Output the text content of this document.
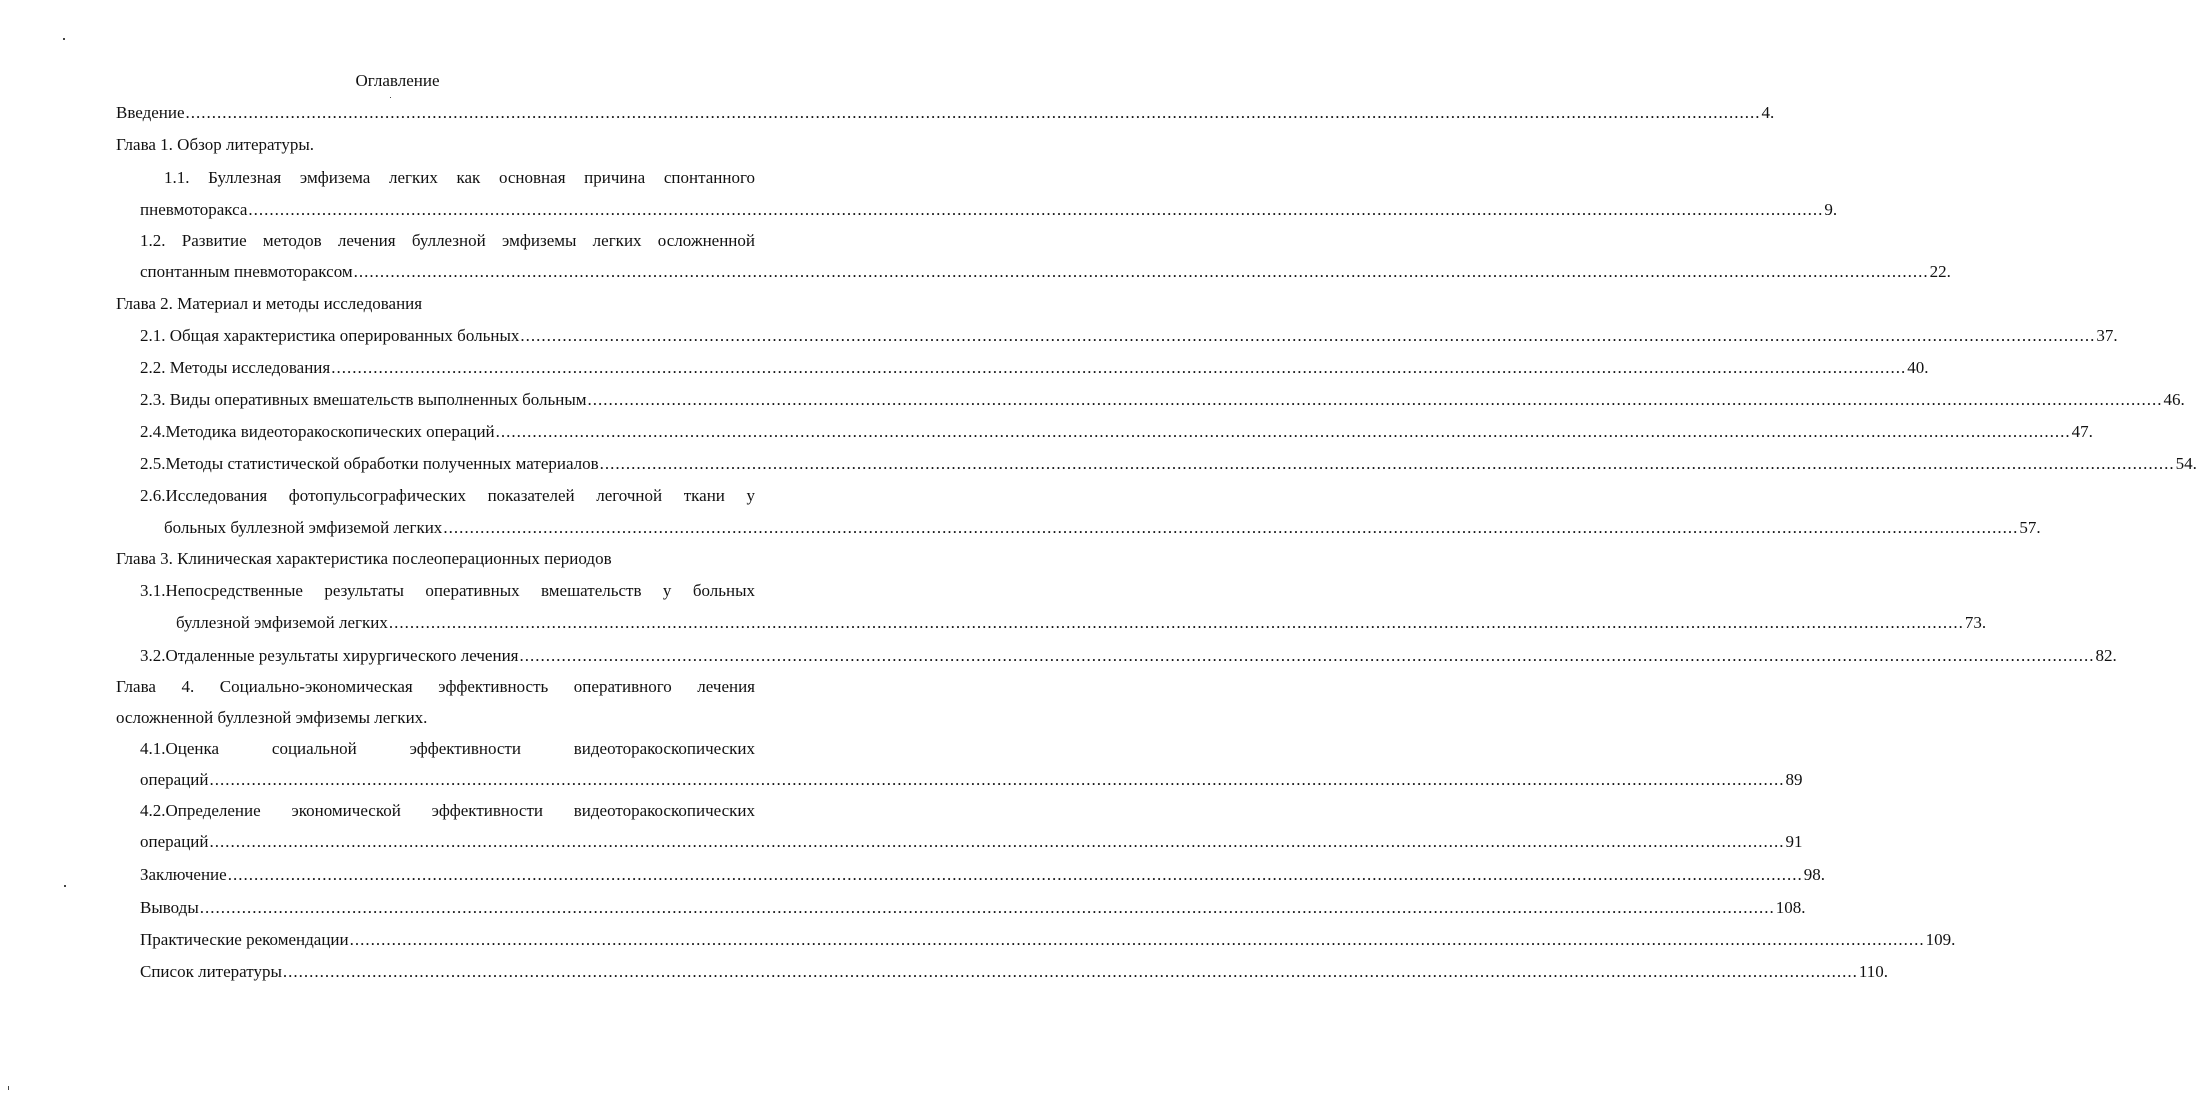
Оглавление
Введение ............................................................................................................................................................................................................................................................................................................ 4.
Глава 1. Обзор литературы.
1.1. Буллезная эмфизема легких как основная причина спонтанного
пневмоторакса ............................................................................................................................................................................................................................................................................................................ 9.
1.2. Развитие методов лечения буллезной эмфиземы легких осложненной
спонтанным пневмотораксом ............................................................................................................................................................................................................................................................................................................ 22.
Глава 2. Материал и методы исследования
2.1. Общая характеристика оперированных больных ............................................................................................................................................................................................................................................................................................................ 37.
2.2. Методы исследования ............................................................................................................................................................................................................................................................................................................ 40.
2.3. Виды оперативных вмешательств выполненных больным ............................................................................................................................................................................................................................................................................................................ 46.
2.4.Методика видеоторакоскопических операций ............................................................................................................................................................................................................................................................................................................ 47.
2.5.Методы статистической обработки полученных материалов ............................................................................................................................................................................................................................................................................................................ 54.
2.6.Исследования фотопульсографических показателей легочной ткани у
больных буллезной эмфиземой легких ............................................................................................................................................................................................................................................................................................................ 57.
Глава 3. Клиническая характеристика послеоперационных периодов
3.1.Непосредственные результаты оперативных вмешательств у больных
буллезной эмфиземой легких ............................................................................................................................................................................................................................................................................................................ 73.
3.2.Отдаленные результаты хирургического лечения ............................................................................................................................................................................................................................................................................................................ 82.
Глава 4. Социально-экономическая эффективность оперативного лечения
осложненной буллезной эмфиземы легких.
4.1.Оценка социальной эффективности видеоторакоскопических
операций ............................................................................................................................................................................................................................................................................................................ 89
4.2.Определение экономической эффективности видеоторакоскопических
операций ............................................................................................................................................................................................................................................................................................................ 91
Заключение ............................................................................................................................................................................................................................................................................................................ 98.
Выводы ............................................................................................................................................................................................................................................................................................................ 108.
Практические рекомендации ............................................................................................................................................................................................................................................................................................................ 109.
Список литературы ............................................................................................................................................................................................................................................................................................................ 110.
